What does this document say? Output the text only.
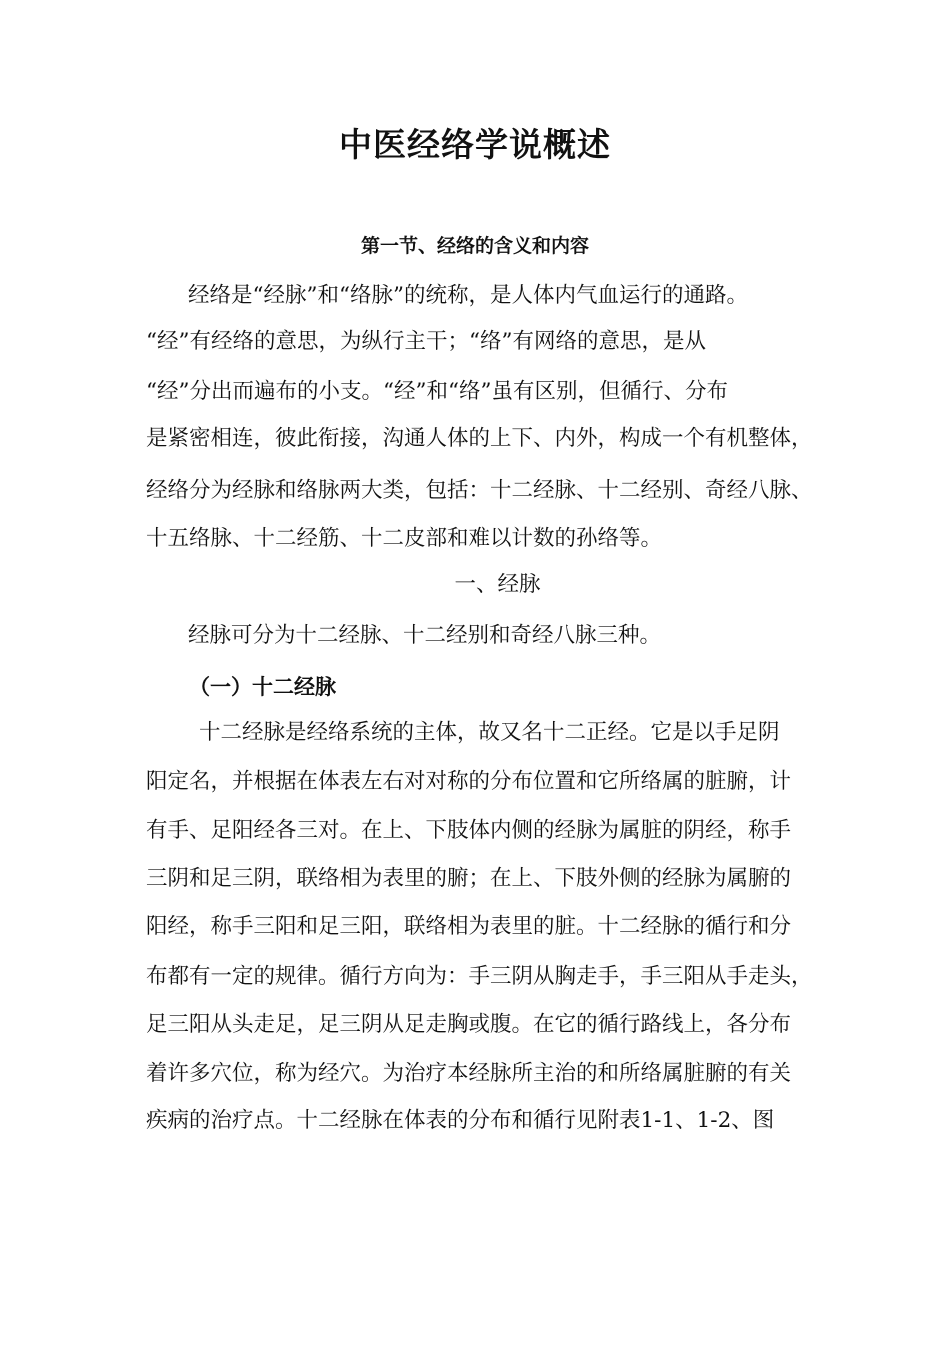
中医经络学说概述
第一节、经络的含义和内容
经络是“经脉”和“络脉”的统称，是人体内气血运行的通路。
“经”有经络的意思，为纵行主干；“络”有网络的意思，是从
“经”分出而遍布的小支。“经”和“络”虽有区别，但循行、分布
是紧密相连，彼此衔接，沟通人体的上下、内外，构成一个有机整体，
经络分为经脉和络脉两大类，包括：十二经脉、十二经别、奇经八脉、
十五络脉、十二经筋、十二皮部和难以计数的孙络等。
一、经脉
经脉可分为十二经脉、十二经别和奇经八脉三种。
（一）十二经脉
十二经脉是经络系统的主体，故又名十二正经。它是以手足阴
阳定名，并根据在体表左右对对称的分布位置和它所络属的脏腑，计
有手、足阳经各三对。在上、下肢体内侧的经脉为属脏的阴经，称手
三阴和足三阴，联络相为表里的腑；在上、下肢外侧的经脉为属腑的
阳经，称手三阳和足三阳，联络相为表里的脏。十二经脉的循行和分
布都有一定的规律。循行方向为：手三阴从胸走手，手三阳从手走头，
足三阳从头走足，足三阴从足走胸或腹。在它的循行路线上，各分布
着许多穴位，称为经穴。为治疗本经脉所主治的和所络属脏腑的有关
疾病的治疗点。十二经脉在体表的分布和循行见附表1-1、1-2、图
